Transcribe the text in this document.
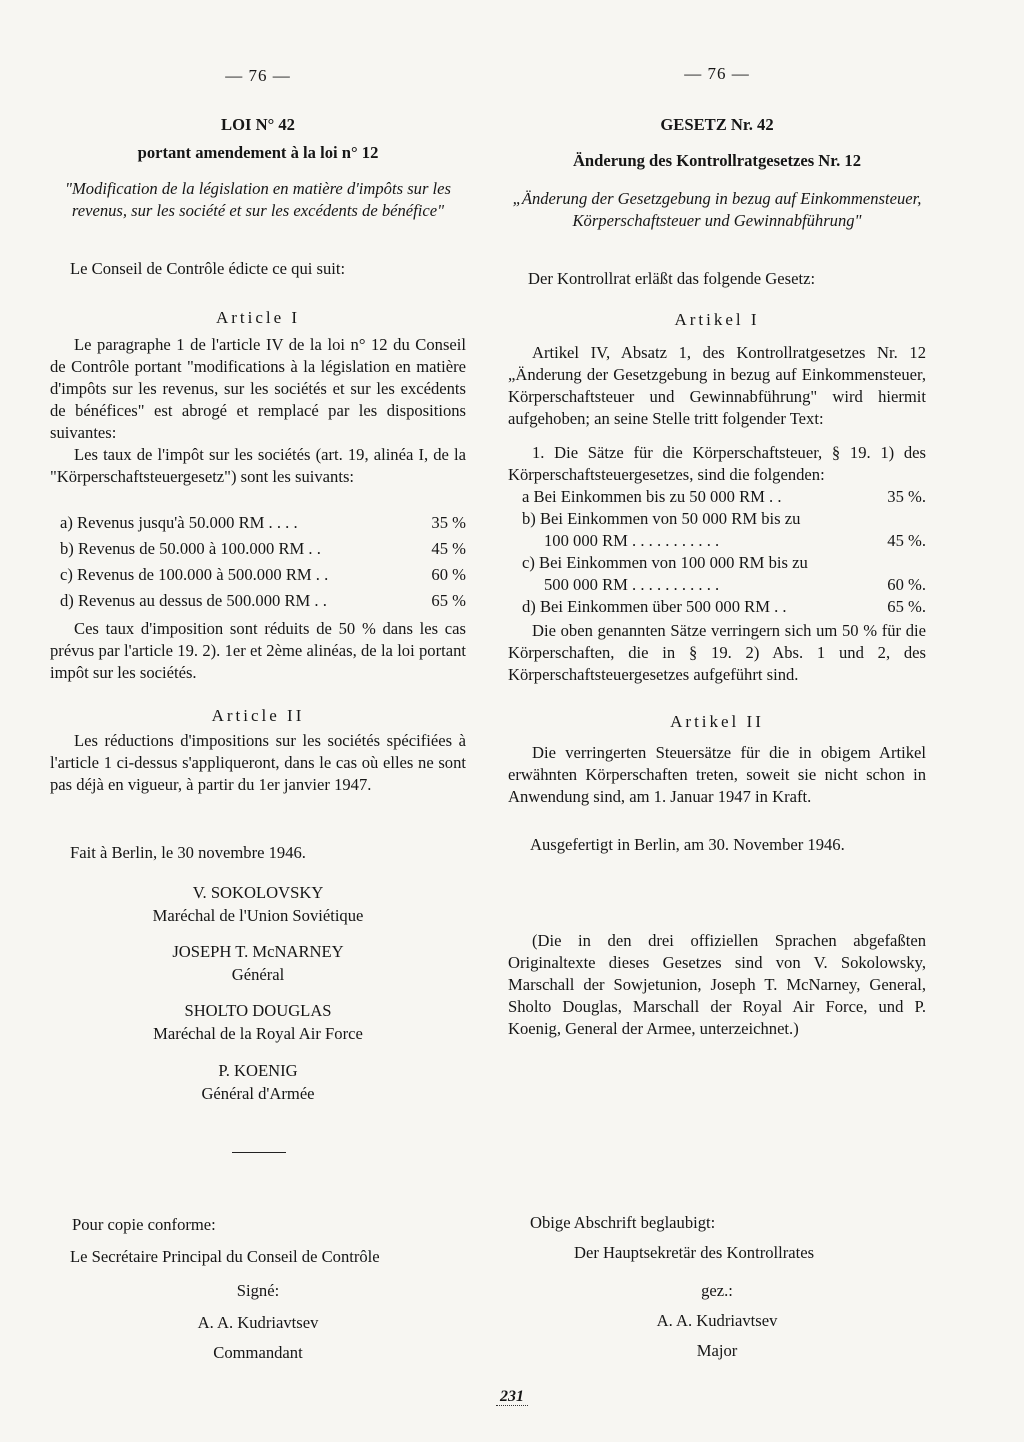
— 76 —
LOI N° 42
portant amendement à la loi n° 12
"Modification de la législation en matière d'impôts sur les revenus, sur les société et sur les excédents de bénéfice"
Le Conseil de Contrôle édicte ce qui suit:
Article I
Le paragraphe 1 de l'article IV de la loi n° 12 du Conseil de Contrôle portant "modifications à la législation en matière d'impôts sur les revenus, sur les sociétés et sur les excédents de bénéfices" est abrogé et remplacé par les dispositions suivantes:
Les taux de l'impôt sur les sociétés (art. 19, alinéa I, de la "Körperschaftsteuergesetz") sont les suivants:
a) Revenus jusqu'à 50.000 RM . . . .	35 %
b) Revenus de 50.000 à 100.000 RM . .	45 %
c) Revenus de 100.000 à 500.000 RM . .	60 %
d) Revenus au dessus de 500.000 RM . .	65 %
Ces taux d'imposition sont réduits de 50 % dans les cas prévus par l'article 19. 2). 1er et 2ème alinéas, de la loi portant impôt sur les sociétés.
Article II
Les réductions d'impositions sur les sociétés spécifiées à l'article 1 ci-dessus s'appliqueront, dans le cas où elles ne sont pas déjà en vigueur, à partir du 1er janvier 1947.
Fait à Berlin, le 30 novembre 1946.
V. SOKOLOVSKY
Maréchal de l'Union Soviétique
JOSEPH T. McNARNEY
Général
SHOLTO DOUGLAS
Maréchal de la Royal Air Force
P. KOENIG
Général d'Armée
Pour copie conforme:
Le Secrétaire Principal du Conseil de Contrôle
Signé:
A. A. Kudriavtsev
Commandant
— 76 —
GESETZ Nr. 42
Änderung des Kontrollratgesetzes Nr. 12
„Änderung der Gesetzgebung in bezug auf Einkommensteuer, Körperschaftsteuer und Gewinnabführung"
Der Kontrollrat erläßt das folgende Gesetz:
Artikel I
Artikel IV, Absatz 1, des Kontrollratgesetzes Nr. 12 „Änderung der Gesetzgebung in bezug auf Einkommensteuer, Körperschaftsteuer und Gewinnabführung" wird hiermit aufgehoben; an seine Stelle tritt folgender Text:
1. Die Sätze für die Körperschaftsteuer, § 19. 1) des Körperschaftsteuergesetzes, sind die folgenden:
a Bei Einkommen bis zu 50 000 RM . .	35 %.
b) Bei Einkommen von 50 000 RM bis zu
100 000 RM . . . . . . . . . . .	45 %.
c) Bei Einkommen von 100 000 RM bis zu
500 000 RM . . . . . . . . . . .	60 %.
d) Bei Einkommen über 500 000 RM . .	65 %.
Die oben genannten Sätze verringern sich um 50 % für die Körperschaften, die in § 19. 2) Abs. 1 und 2, des Körperschaftsteuergesetzes aufgeführt sind.
Artikel II
Die verringerten Steuersätze für die in obigem Artikel erwähnten Körperschaften treten, soweit sie nicht schon in Anwendung sind, am 1. Januar 1947 in Kraft.
Ausgefertigt in Berlin, am 30. November 1946.
(Die in den drei offiziellen Sprachen abgefaßten Originaltexte dieses Gesetzes sind von V. Sokolowsky, Marschall der Sowjetunion, Joseph T. McNarney, General, Sholto Douglas, Marschall der Royal Air Force, und P. Koenig, General der Armee, unterzeichnet.)
Obige Abschrift beglaubigt:
Der Hauptsekretär des Kontrollrates
gez.:
A. A. Kudriavtsev
Major
231
